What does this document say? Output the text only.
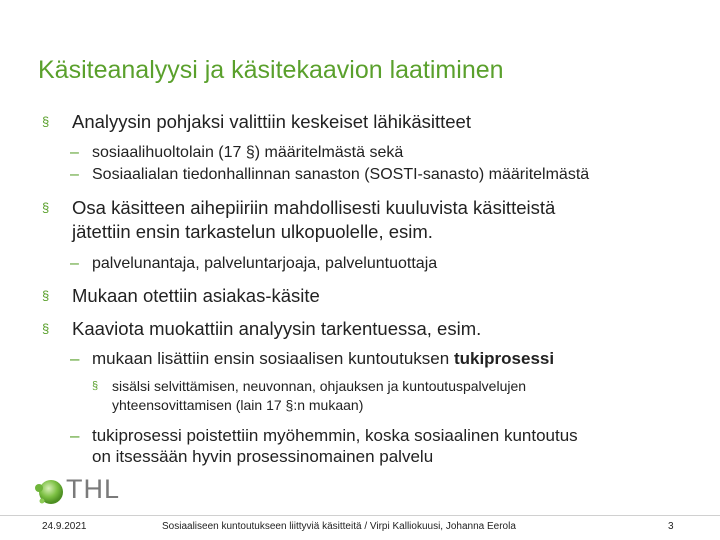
Käsiteanalyysi ja käsitekaavion laatiminen
§ Analyysin pohjaksi valittiin keskeiset lähikäsitteet
– sosiaalihuoltolain (17 §) määritelmästä sekä
– Sosiaalialan tiedonhallinnan sanaston (SOSTI-sanasto) määritelmästä
§ Osa käsitteen aihepiiriin mahdollisesti kuuluvista käsitteistä
jätettiin ensin tarkastelun ulkopuolelle, esim.
– palvelunantaja, palveluntarjoaja, palveluntuottaja
§ Mukaan otettiin asiakas-käsite
§ Kaaviota muokattiin analyysin tarkentuessa, esim.
– mukaan lisättiin ensin sosiaalisen kuntoutuksen tukiprosessi
§ sisälsi selvittämisen, neuvonnan, ohjauksen ja kuntoutuspalvelujen
yhteensovittamisen (lain 17 §:n mukaan)
– tukiprosessi poistettiin myöhemmin, koska sosiaalinen kuntoutus
on itsessään hyvin prosessinomainen palvelu
THL
24.9.2021	Sosiaaliseen kuntoutukseen liittyviä käsitteitä / Virpi Kalliokuusi, Johanna Eerola	3
